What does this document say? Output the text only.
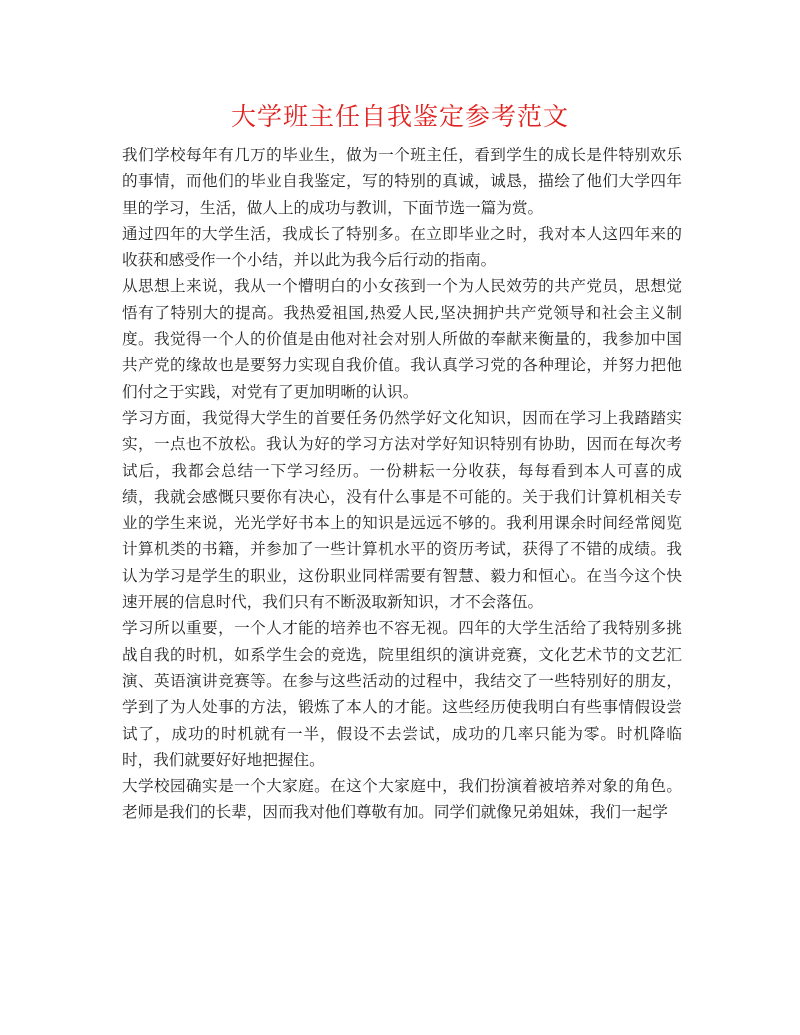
大学班主任自我鉴定参考范文

我们学校每年有几万的毕业生，做为一个班主任，看到学生的成长是件特别欢乐的事情，而他们的毕业自我鉴定，写的特别的真诚，诚恳，描绘了他们大学四年里的学习，生活，做人上的成功与教训，下面节选一篇为赏。

通过四年的大学生活，我成长了特别多。在立即毕业之时，我对本人这四年来的收获和感受作一个小结，并以此为我今后行动的指南。

从思想上来说，我从一个懵明白的小女孩到一个为人民效劳的共产党员，思想觉悟有了特别大的提高。我热爱祖国,热爱人民,坚决拥护共产党领导和社会主义制度。我觉得一个人的价值是由他对社会对别人所做的奉献来衡量的，我参加中国共产党的缘故也是要努力实现自我价值。我认真学习党的各种理论，并努力把他们付之于实践，对党有了更加明晰的认识。

学习方面，我觉得大学生的首要任务仍然学好文化知识，因而在学习上我踏踏实实，一点也不放松。我认为好的学习方法对学好知识特别有协助，因而在每次考试后，我都会总结一下学习经历。一份耕耘一分收获，每每看到本人可喜的成绩，我就会感慨只要你有决心，没有什么事是不可能的。关于我们计算机相关专业的学生来说，光光学好书本上的知识是远远不够的。我利用课余时间经常阅览计算机类的书籍，并参加了一些计算机水平的资历考试，获得了不错的成绩。我认为学习是学生的职业，这份职业同样需要有智慧、毅力和恒心。在当今这个快速开展的信息时代，我们只有不断汲取新知识，才不会落伍。

学习所以重要，一个人才能的培养也不容无视。四年的大学生活给了我特别多挑战自我的时机，如系学生会的竞选，院里组织的演讲竞赛，文化艺术节的文艺汇演、英语演讲竞赛等。在参与这些活动的过程中，我结交了一些特别好的朋友，学到了为人处事的方法，锻炼了本人的才能。这些经历使我明白有些事情假设尝试了，成功的时机就有一半，假设不去尝试，成功的几率只能为零。时机降临时，我们就要好好地把握住。

大学校园确实是一个大家庭。在这个大家庭中，我们扮演着被培养对象的角色。老师是我们的长辈，因而我对他们尊敬有加。同学们就像兄弟姐妹，我们一起学
